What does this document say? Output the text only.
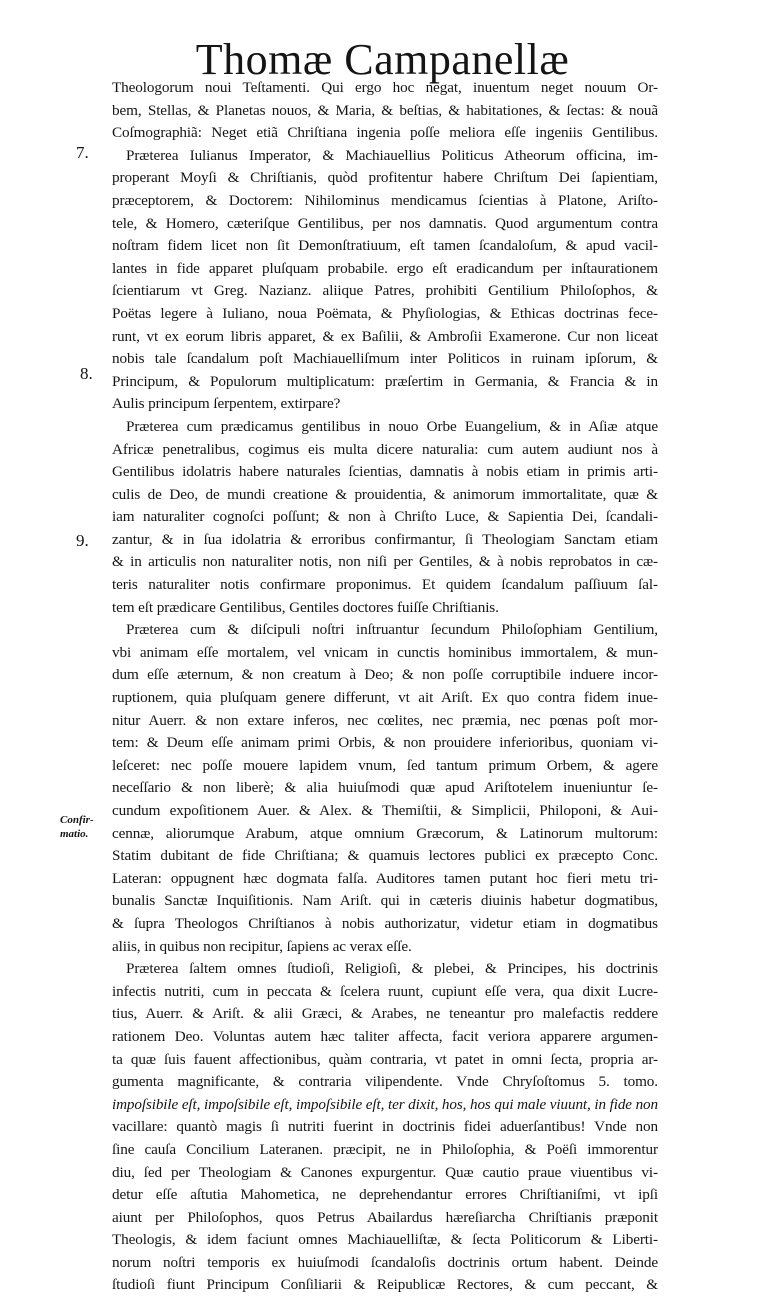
Thomæ Campanellæ
7.
8.
9.
Confir-
matio.
Theologorum noui Teſtamenti. Qui ergo hoc negat, inuentum neget nouum Or-
bem, Stellas, & Planetas nouos, & Maria, & beſtias, & habitationes, & ſectas: & nouã
Coſmographiã: Neget etiã Chriſtiana ingenia poſſe meliora eſſe ingeniis Gentilibus.
Præterea Iulianus Imperator, & Machiauellius Politicus Atheorum officina, im-
properant Moyſi & Chriſtianis, quòd profitentur habere Chriſtum Dei ſapientiam,
præceptorem, & Doctorem: Nihilominus mendicamus ſcientias à Platone, Ariſto-
tele, & Homero, cæteriſque Gentilibus, per nos damnatis. Quod argumentum contra
noſtram fidem licet non ſit Demonſtratiuum, eſt tamen ſcandaloſum, & apud vacil-
lantes in fide apparet pluſquam probabile. ergo eſt eradicandum per inſtaurationem
ſcientiarum vt Greg. Nazianz. aliique Patres, prohibiti Gentilium Philoſophos, &
Poëtas legere à Iuliano, noua Poëmata, & Phyſiologias, & Ethicas doctrinas fece-
runt, vt ex eorum libris apparet, & ex Baſilii, & Ambroſii Examerone. Cur non liceat
nobis tale ſcandalum poſt Machiauelliſmum inter Politicos in ruinam ipſorum, &
Principum, & Populorum multiplicatum: præſertim in Germania, & Francia & in
Aulis principum ſerpentem, extirpare?
Præterea cum prædicamus gentilibus in nouo Orbe Euangelium, & in Aſiæ atque
Africæ penetralibus, cogimus eis multa dicere naturalia: cum autem audiunt nos à
Gentilibus idolatris habere naturales ſcientias, damnatis à nobis etiam in primis arti-
culis de Deo, de mundi creatione & prouidentia, & animorum immortalitate, quæ &
iam naturaliter cognoſci poſſunt; & non à Chriſto Luce, & Sapientia Dei, ſcandali-
zantur, & in ſua idolatria & erroribus confirmantur, ſi Theologiam Sanctam etiam
& in articulis non naturaliter notis, non niſi per Gentiles, & à nobis reprobatos in cæ-
teris naturaliter notis confirmare proponimus. Et quidem ſcandalum paſſiuum ſal-
tem eſt prædicare Gentilibus, Gentiles doctores fuiſſe Chriſtianis.
Præterea cum & diſcipuli noſtri inſtruantur ſecundum Philoſophiam Gentilium,
vbi animam eſſe mortalem, vel vnicam in cunctis hominibus immortalem, & mun-
dum eſſe æternum, & non creatum à Deo; & non poſſe corruptibile induere incor-
ruptionem, quia pluſquam genere differunt, vt ait Ariſt. Ex quo contra fidem inue-
nitur Auerr. & non extare inferos, nec cœlites, nec præmia, nec pœnas poſt mor-
tem: & Deum eſſe animam primi Orbis, & non prouidere inferioribus, quoniam vi-
leſceret: nec poſſe mouere lapidem vnum, ſed tantum primum Orbem, & agere
neceſſario & non liberè; & alia huiuſmodi quæ apud Ariſtotelem inueniuntur ſe-
cundum expoſitionem Auer. & Alex. & Themiſtii, & Simplicii, Philoponi, & Aui-
cennæ, aliorumque Arabum, atque omnium Græcorum, & Latinorum multorum:
Statim dubitant de fide Chriſtiana; & quamuis lectores publici ex præcepto Conc.
Lateran: oppugnent hæc dogmata falſa. Auditores tamen putant hoc fieri metu tri-
bunalis Sanctæ Inquiſitionis. Nam Ariſt. qui in cæteris diuinis habetur dogmatibus,
& ſupra Theologos Chriſtianos à nobis authorizatur, videtur etiam in dogmatibus
aliis, in quibus non recipitur, ſapiens ac verax eſſe.
Præterea ſaltem omnes ſtudioſi, Religioſi, & plebei, & Principes, his doctrinis
infectis nutriti, cum in peccata & ſcelera ruunt, cupiunt eſſe vera, qua dixit Lucre-
tius, Auerr. & Ariſt. & alii Græci, & Arabes, ne teneantur pro malefactis reddere
rationem Deo. Voluntas autem hæc taliter affecta, facit veriora apparere argumen-
ta quæ ſuis fauent affectionibus, quàm contraria, vt patet in omni ſecta, propria ar-
gumenta magnificante, & contraria vilipendente. Vnde Chryſoſtomus 5. tomo.
impoſsibile eſt, impoſsibile eſt, impoſsibile eſt, ter dixit, hos, hos qui male viuunt, in fide non
vacillare: quantò magis ſi nutriti fuerint in doctrinis fidei aduerſantibus! Vnde non
ſine cauſa Concilium Lateranen. præcipit, ne in Philoſophia, & Poëſi immorentur
diu, ſed per Theologiam & Canones expurgentur. Quæ cautio praue viuentibus vi-
detur eſſe aſtutia Mahometica, ne deprehendantur errores Chriſtianiſmi, vt ipſi
aiunt per Philoſophos, quos Petrus Abailardus hæreſiarcha Chriſtianis præponit
Theologis, & idem faciunt omnes Machiauelliſtæ, & ſecta Politicorum & Liberti-
norum noſtri temporis ex huiuſmodi ſcandaloſis doctrinis ortum habent. Deinde
ſtudioſi fiunt Principum Conſiliarii & Reipublicæ Rectores, & cum peccant, &
